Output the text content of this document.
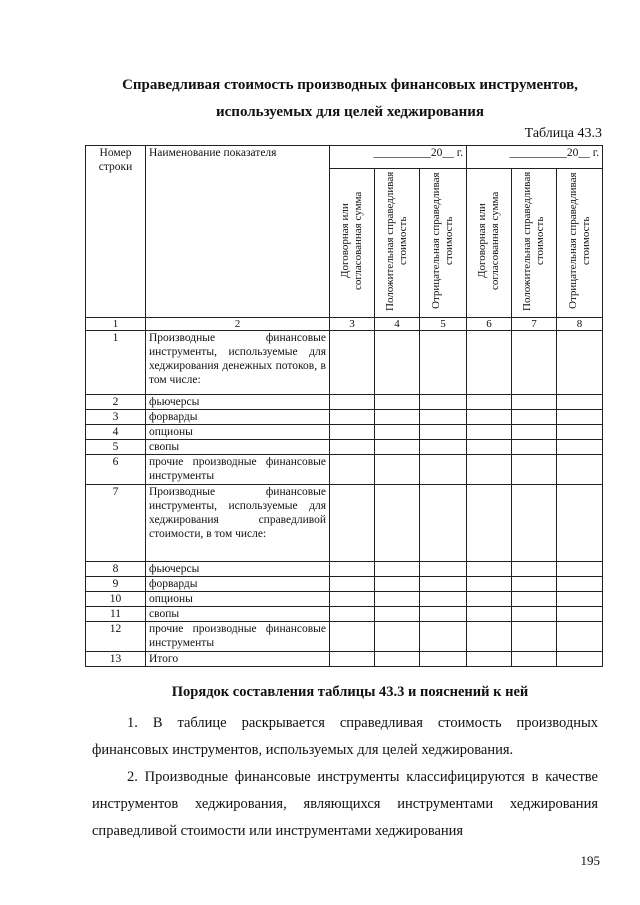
Справедливая стоимость производных финансовых инструментов,
используемых для целей хеджирования
Таблица 43.3
Номер строки	Наименование показателя	__________20__ г.			__________20__ г.		

		Договорная или согласованная сумма	Положительная справедливая стоимость	Отрицательная справедливая стоимость	Договорная или согласованная сумма	Положительная справедливая стоимость	Отрицательная справедливая стоимость

1	2	3	4	5	6	7	8
1	Производные финансовые инструменты, используемые для хеджирования денежных потоков, в том числе:						
2	фьючерсы						
3	форварды						
4	опционы						
5	свопы						
6	прочие производные финансовые инструменты						
7	Производные финансовые инструменты, используемые для хеджирования справедливой стоимости, в том числе:						
8	фьючерсы						
9	форварды						
10	опционы						
11	свопы						
12	прочие производные финансовые инструменты						
13	Итого						
Порядок составления таблицы 43.3 и пояснений к ней
1. В таблице раскрывается справедливая стоимость производных финансовых инструментов, используемых для целей хеджирования.
2. Производные финансовые инструменты классифицируются в качестве инструментов хеджирования, являющихся инструментами хеджирования справедливой стоимости или инструментами хеджирования
195
